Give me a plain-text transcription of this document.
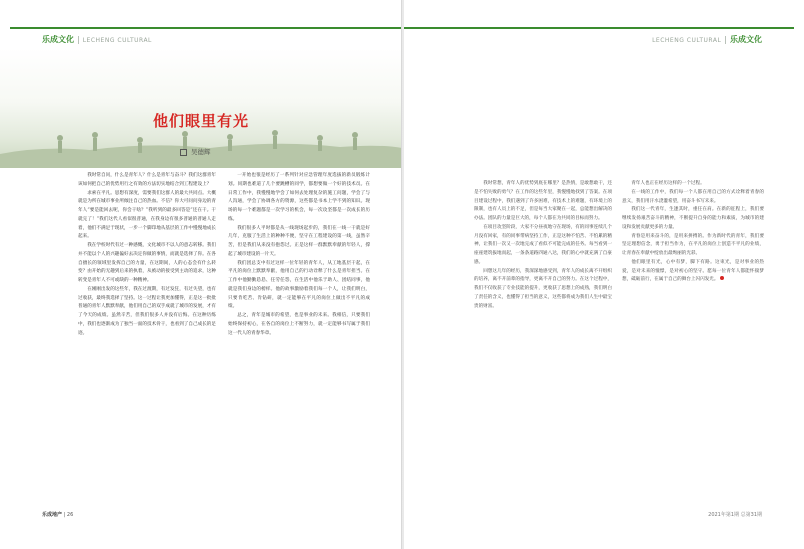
乐成文化 | LECHENG CULTURAL
他们眼里有光
吴德辉

我时常自问，什么是青年人？什么是青年与奋斗？我们这群青年该如何把自己的优势用行之有效的方法切实地结合到工程建设上？

求索在平凡。思想有深度，需要我们这群人的最大共同点。大概就是为所在城市事业所倾注自己的热血。不信？你大可问问身边的青年人“要是能回去呢，你会干啥？”我听到的最多回答是“还在干。干就完了！”我们这代人看似很普通，在我身边有很多普通的普通人走着，他们不满足于现状，一步一个脚印地从基层的工作中慢慢地成长起来。

我在学校时代有过一种感慨，文化城市不以人的意志转移。我们并不能以个人的兴趣偏好去决定你做的事情，而就是选择了你。在各自擅长的领域里发挥自己的力量，在这期间，人的心态会有什么转变？由开始的无趣到后来的执着，从被动的接受到主动的追求，这种转变是青年人不可或缺的一种精神。

在刚刚出发的这些年，我在过渡期，有过发狂，有过失望，也有过收获，最终我选择了坚持。这一过程让我更加懂得，正是这一批批普通的青年人默默奉献，他们用自己的双手成就了城市的发展，才有了今天的成绩。虽然辛苦，但我们很多人并没有后悔。在这种历练中，我们也逐渐成为了独当一面的技术骨干，也看到了自己成长的足迹。

一开始也很是经历了一系列针对应急管理年度选拔的新员锻炼计划。同期也难道了几个要跳槽的同学，都想要做一个好的技术员。在日常工作中，我慢慢地学会了如何去处理复杂的施工问题，学会了与人沟通，学会了协调各方的资源，这些都是书本上学不到的知识。现场的每一个难题都是一次学习的机会，每一次攻坚都是一次成长的历练。

我们很多人平时都是从一线现场起步的，我们在一线一干就是好几年，克服了生活上的种种不便，坚守在工程建设的第一线，虽然辛苦，但是我们从来没有抱怨过。正是这样一群默默奉献的年轻人，撑起了城市建设的一片天。

我们团总支中有过这样一位年轻的青年人，从工地基层干起，在平凡的岗位上默默奉献，他用自己的行动诠释了什么是青年担当。在工作中他勤勤恳恳、任劳任怨，在生活中他乐于助人、团结同事，他就是我们身边的榜样。他的故事激励着我们每一个人，让我们明白，只要肯吃苦、肯钻研，就一定能够在平凡的岗位上做出不平凡的成绩。

总之，青年是城市的希望，也是事业的未来。我相信，只要我们始终保持初心，在各自的岗位上不断努力，就一定能够书写属于我们这一代人的青春华章。

乐成地产 | 26
LECHENG CULTURAL | 乐成文化

我时常想，青年人的优势到底在哪里？是热情，是敢想敢干，还是不怕失败的勇气？在工作的这些年里，我慢慢地找到了答案。在项目建设过程中，我们遇到了许多困难，有技术上的难题，有环境上的限制，也有人员上的不足，但是每当大家聚在一起，总能想出解决的办法。团队的力量是巨大的，每个人都在为共同的目标而努力。

在项目攻坚阶段，大家不分昼夜地守在现场，有的同事连续几个月没有回家，有的同事带病坚持工作，正是这种不怕苦、不怕累的精神，让我们一次又一次地完成了看似不可能完成的任务。每当看到一座座建筑拔地而起，一条条道路四通八达，我们的心中就充满了自豪感。

回想这几年的经历，我深深地感受到，青年人的成长离不开组织的培养，离不开前辈的指导，更离不开自己的努力。在这个过程中，我们不仅收获了专业技能的提升，更收获了思想上的成熟，我们明白了责任的含义，也懂得了担当的意义，这些都将成为我们人生中最宝贵的财富。

青年人也正在经历这样的一个过程。

在一线的工作中，我们每一个人都在用自己的方式诠释着青春的意义，我们用汗水浇灌希望，用奋斗书写未来。

我们这一代青年，生逢其时，重任在肩。在新的征程上，我们要继续发扬艰苦奋斗的精神，不断提升自身的能力和素质，为城市的建设和发展贡献更多的力量。

青春是用来奋斗的，是用来拼搏的。作为新时代的青年，我们要坚定理想信念，勇于担当作为，在平凡的岗位上创造不平凡的业绩，让青春在奉献中绽放出最绚丽的光彩。

他们眼里有光，心中有梦，脚下有路。这束光，是对事业的热爱，是对未来的憧憬，是对初心的坚守。愿每一位青年人都能怀揣梦想，砥砺前行，在属于自己的舞台上闪闪发光。

2021年第1期 总第31期
